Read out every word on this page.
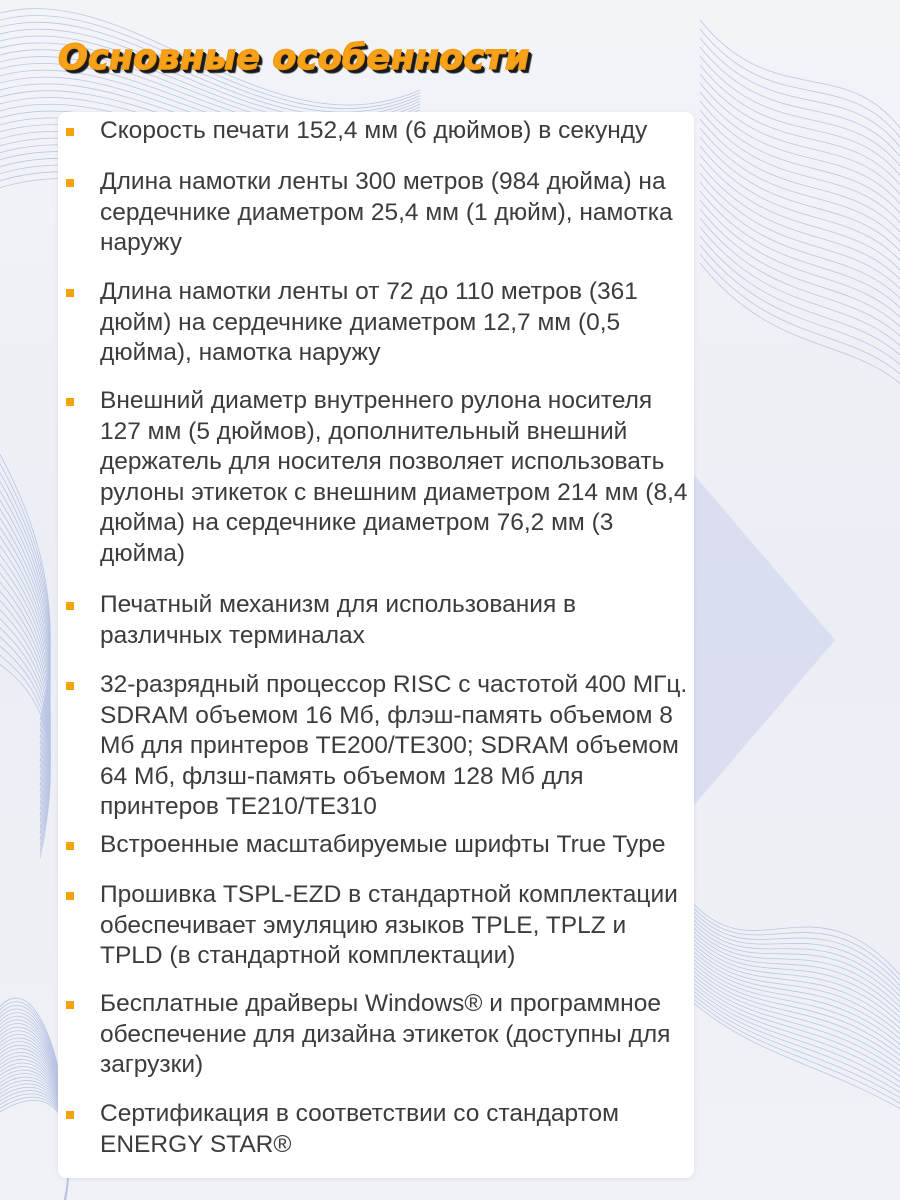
Основные особенности
Скорость печати 152,4 мм (6 дюймов) в секунду
Длина намотки ленты 300 метров (984 дюйма) на сердечнике диаметром 25,4 мм (1 дюйм), намотка наружу
Длина намотки ленты от 72 до 110 метров (361 дюйм) на сердечнике диаметром 12,7 мм (0,5 дюйма), намотка наружу
Внешний диаметр внутреннего рулона носителя 127 мм (5 дюймов), дополнительный внешний держатель для носителя позволяет использовать рулоны этикеток с внешним диаметром 214 мм (8,4 дюйма) на сердечнике диаметром 76,2 мм (3 дюйма)
Печатный механизм для использования в различных терминалах
32-разрядный процессор RISC с частотой 400 МГц. SDRAM объемом 16 Мб, флэш-память объемом 8 Мб для принтеров TE200/TE300; SDRAM объемом 64 Мб, флзш-память объемом 128 Мб для принтеров TE210/TE310
Встроенные масштабируемые шрифты True Type
Прошивка TSPL-EZD в стандартной комплектации обеспечивает эмуляцию языков TPLE, TPLZ и TPLD (в стандартной комплектации)
Бесплатные драйверы Windows® и программное обеспечение для дизайна этикеток (доступны для загрузки)
Сертификация в соответствии со стандартом ENERGY STAR®
